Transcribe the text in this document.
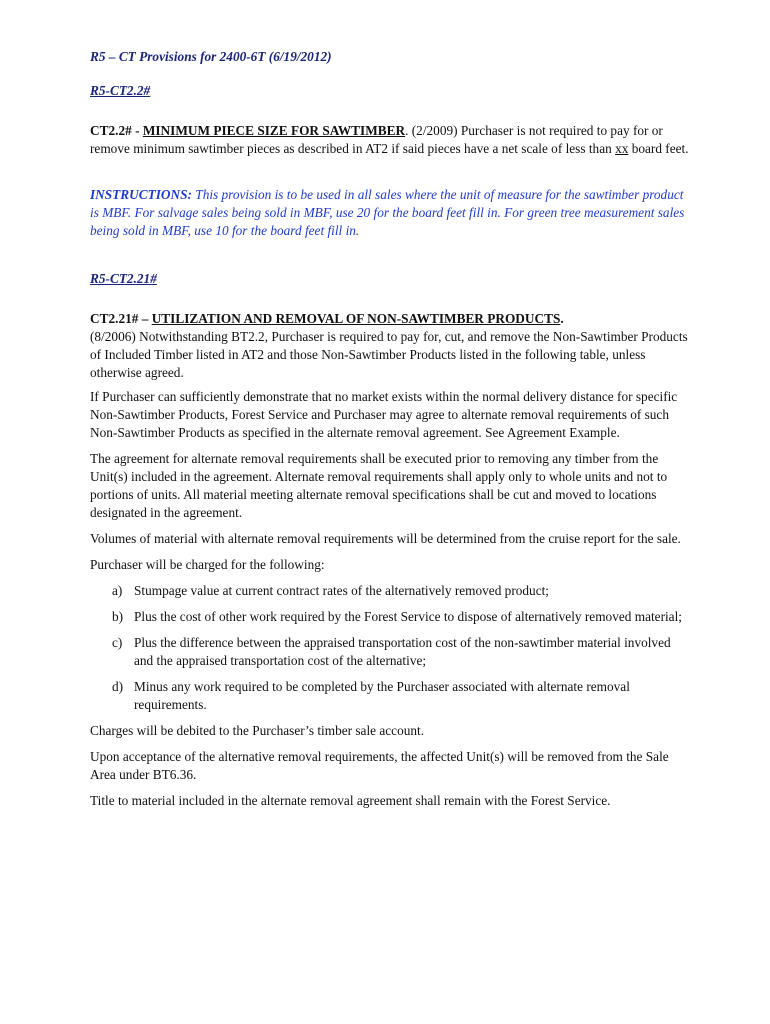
R5 – CT Provisions for 2400-6T (6/19/2012)
R5-CT2.2#

CT2.2# - MINIMUM PIECE SIZE FOR SAWTIMBER. (2/2009) Purchaser is not required to pay for or remove minimum sawtimber pieces as described in AT2 if said pieces have a net scale of less than xx board feet.

INSTRUCTIONS: This provision is to be used in all sales where the unit of measure for the sawtimber product is MBF. For salvage sales being sold in MBF, use 20 for the board feet fill in. For green tree measurement sales being sold in MBF, use 10 for the board feet fill in.

R5-CT2.21#

CT2.21# – UTILIZATION AND REMOVAL OF NON-SAWTIMBER PRODUCTS.
(8/2006) Notwithstanding BT2.2, Purchaser is required to pay for, cut, and remove the Non-Sawtimber Products of Included Timber listed in AT2 and those Non-Sawtimber Products listed in the following table, unless otherwise agreed.

If Purchaser can sufficiently demonstrate that no market exists within the normal delivery distance for specific Non-Sawtimber Products, Forest Service and Purchaser may agree to alternate removal requirements of such Non-Sawtimber Products as specified in the alternate removal agreement. See Agreement Example.

The agreement for alternate removal requirements shall be executed prior to removing any timber from the Unit(s) included in the agreement. Alternate removal requirements shall apply only to whole units and not to portions of units. All material meeting alternate removal specifications shall be cut and moved to locations designated in the agreement.

Volumes of material with alternate removal requirements will be determined from the cruise report for the sale.

Purchaser will be charged for the following:

a) Stumpage value at current contract rates of the alternatively removed product;
b) Plus the cost of other work required by the Forest Service to dispose of alternatively removed material;
c) Plus the difference between the appraised transportation cost of the non-sawtimber material involved and the appraised transportation cost of the alternative;
d) Minus any work required to be completed by the Purchaser associated with alternate removal requirements.

Charges will be debited to the Purchaser’s timber sale account.

Upon acceptance of the alternative removal requirements, the affected Unit(s) will be removed from the Sale Area under BT6.36.

Title to material included in the alternate removal agreement shall remain with the Forest Service.
